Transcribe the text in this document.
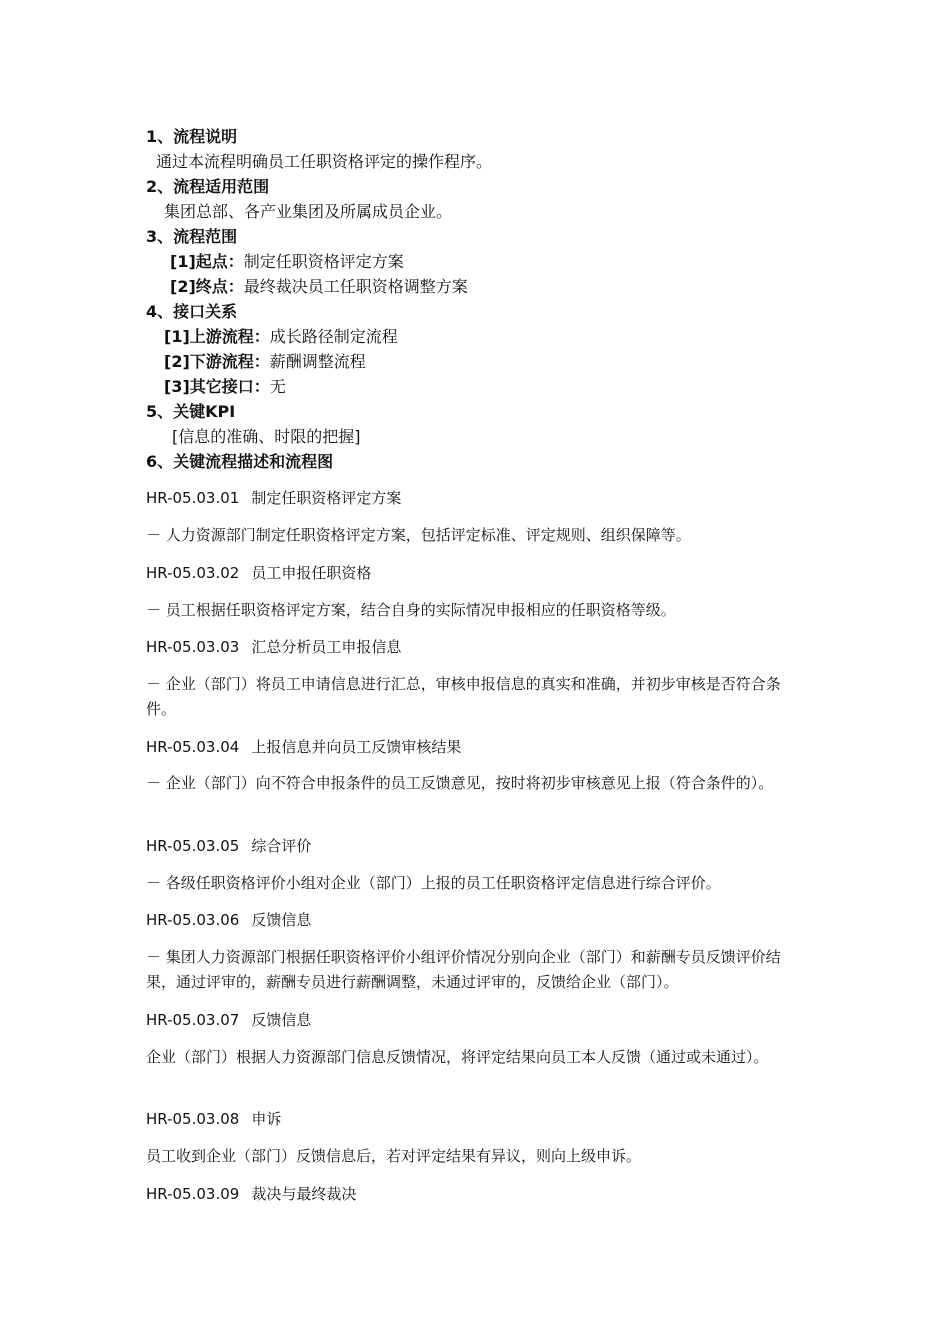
1、流程说明
通过本流程明确员工任职资格评定的操作程序。
2、流程适用范围
集团总部、各产业集团及所属成员企业。
3、流程范围
[1]起点：制定任职资格评定方案
[2]终点：最终裁决员工任职资格调整方案
4、接口关系
[1]上游流程：成长路径制定流程
[2]下游流程：薪酬调整流程
[3]其它接口：无
5、关键KPI
[信息的准确、时限的把握]
6、关键流程描述和流程图
HR-05.03.01 制定任职资格评定方案
－ 人力资源部门制定任职资格评定方案，包括评定标准、评定规则、组织保障等。
HR-05.03.02 员工申报任职资格
－ 员工根据任职资格评定方案，结合自身的实际情况申报相应的任职资格等级。
HR-05.03.03 汇总分析员工申报信息
－ 企业（部门）将员工申请信息进行汇总，审核申报信息的真实和准确，并初步审核是否符合条件。
HR-05.03.04 上报信息并向员工反馈审核结果
－ 企业（部门）向不符合申报条件的员工反馈意见，按时将初步审核意见上报（符合条件的）。
HR-05.03.05 综合评价
－ 各级任职资格评价小组对企业（部门）上报的员工任职资格评定信息进行综合评价。
HR-05.03.06 反馈信息
－ 集团人力资源部门根据任职资格评价小组评价情况分别向企业（部门）和薪酬专员反馈评价结果，通过评审的，薪酬专员进行薪酬调整，未通过评审的，反馈给企业（部门）。
HR-05.03.07 反馈信息
企业（部门）根据人力资源部门信息反馈情况，将评定结果向员工本人反馈（通过或未通过）。
HR-05.03.08 申诉
员工收到企业（部门）反馈信息后，若对评定结果有异议，则向上级申诉。
HR-05.03.09 裁决与最终裁决
